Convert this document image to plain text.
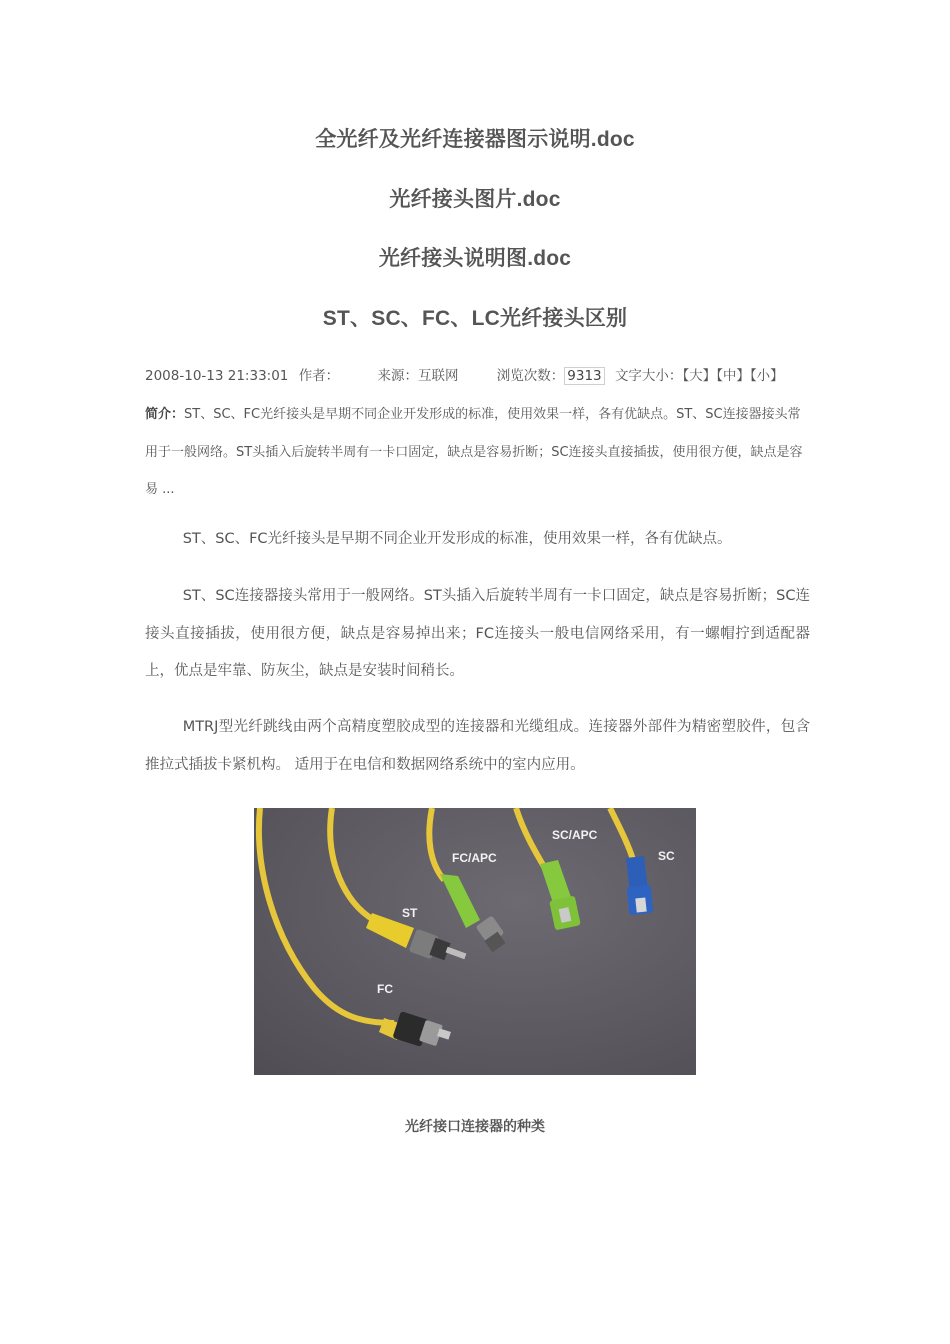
全光纤及光纤连接器图示说明.doc
光纤接头图片.doc
光纤接头说明图.doc
ST、SC、FC、LC光纤接头区别
2008-10-13 21:33:01 作者：	来源：互联网	浏览次数： 9313 文字大小：【大】【中】【小】
简介：ST、SC、FC光纤接头是早期不同企业开发形成的标准，使用效果一样，各有优缺点。ST、SC连接器接头常用于一般网络。ST头插入后旋转半周有一卡口固定，缺点是容易折断；SC连接头直接插拔，使用很方便，缺点是容易 ...
ST、SC、FC光纤接头是早期不同企业开发形成的标准，使用效果一样，各有优缺点。
ST、SC连接器接头常用于一般网络。ST头插入后旋转半周有一卡口固定，缺点是容易折断；SC连接头直接插拔，使用很方便，缺点是容易掉出来；FC连接头一般电信网络采用，有一螺帽拧到适配器上，优点是牢靠、防灰尘，缺点是安装时间稍长。
MTRJ型光纤跳线由两个高精度塑胶成型的连接器和光缆组成。连接器外部件为精密塑胶件，包含推拉式插拔卡紧机构。 适用于在电信和数据网络系统中的室内应用。
FC/APC
SC/APC
SC
ST
FC
光纤接口连接器的种类
